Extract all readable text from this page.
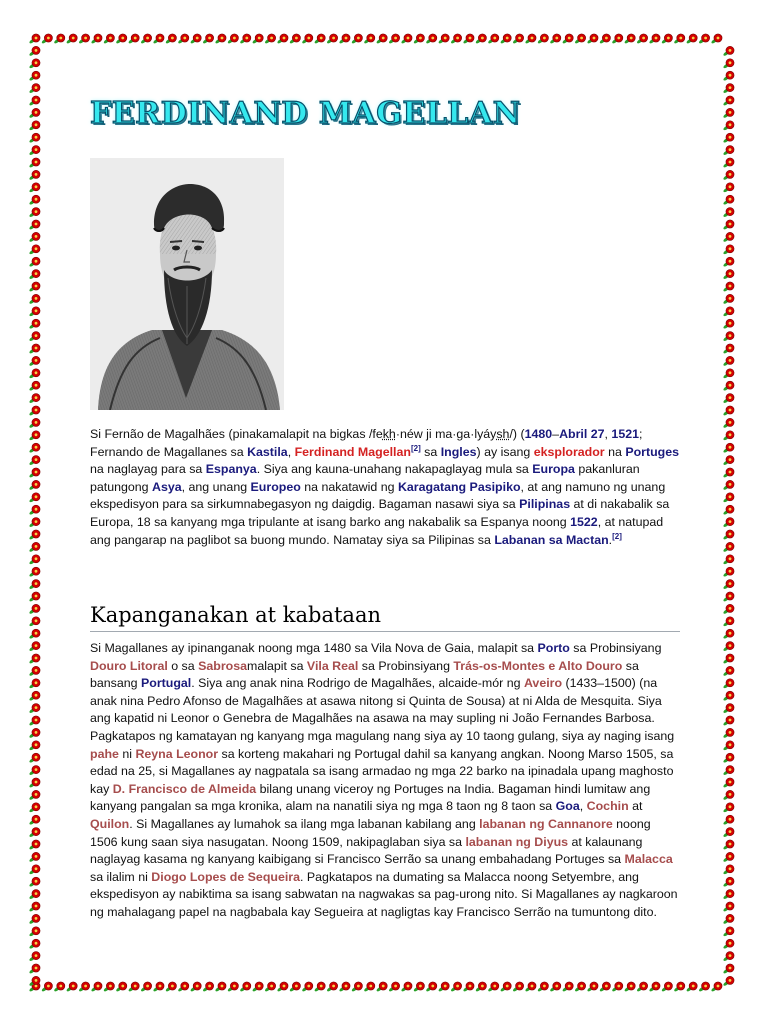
FERDINAND MAGELLAN

Si Fernão de Magalhães (pinakamalapit na bigkas /fekh·néw ji ma·ga·lyáysh/) (1480–Abril 27, 1521; Fernando de Magallanes sa Kastila, Ferdinand Magellan[2] sa Ingles) ay isang eksplorador na Portuges na naglayag para sa Espanya. Siya ang kauna-unahang nakapaglayag mula sa Europa pakanluran patungong Asya, ang unang Europeo na nakatawid ng Karagatang Pasipiko, at ang namuno ng unang ekspedisyon para sa sirkumnabegasyon ng daigdig. Bagaman nasawi siya sa Pilipinas at di nakabalik sa Europa, 18 sa kanyang mga tripulante at isang barko ang nakabalik sa Espanya noong 1522, at natupad ang pangarap na paglibot sa buong mundo. Namatay siya sa Pilipinas sa Labanan sa Mactan.[2]

Kapanganakan at kabataan

Si Magallanes ay ipinanganak noong mga 1480 sa Vila Nova de Gaia, malapit sa Porto sa Probinsiyang Douro Litoral o sa Sabrosamalapit sa Vila Real sa Probinsiyang Trás-os-Montes e Alto Douro sa bansang Portugal. Siya ang anak nina Rodrigo de Magalhães, alcaide-mór ng Aveiro (1433–1500) (na anak nina Pedro Afonso de Magalhães at asawa nitong si Quinta de Sousa) at ni Alda de Mesquita. Siya ang kapatid ni Leonor o Genebra de Magalhães na asawa na may supling ni João Fernandes Barbosa. Pagkatapos ng kamatayan ng kanyang mga magulang nang siya ay 10 taong gulang, siya ay naging isang pahe ni Reyna Leonor sa korteng makahari ng Portugal dahil sa kanyang angkan. Noong Marso 1505, sa edad na 25, si Magallanes ay nagpatala sa isang armadao ng mga 22 barko na ipinadala upang maghosto kay D. Francisco de Almeida bilang unang viceroy ng Portuges na India. Bagaman hindi lumitaw ang kanyang pangalan sa mga kronika, alam na nanatili siya ng mga 8 taon ng 8 taon sa Goa, Cochin at Quilon. Si Magallanes ay lumahok sa ilang mga labanan kabilang ang labanan ng Cannanore noong 1506 kung saan siya nasugatan. Noong 1509, nakipaglaban siya sa labanan ng Diyus at kalaunang naglayag kasama ng kanyang kaibigang si Francisco Serrão sa unang embahadang Portuges sa Malacca sa ilalim ni Diogo Lopes de Sequeira. Pagkatapos na dumating sa Malacca noong Setyembre, ang ekspedisyon ay nabiktima sa isang sabwatan na nagwakas sa pag-urong nito. Si Magallanes ay nagkaroon ng mahalagang papel na nagbabala kay Segueira at nagligtas kay Francisco Serrão na tumuntong dito.
